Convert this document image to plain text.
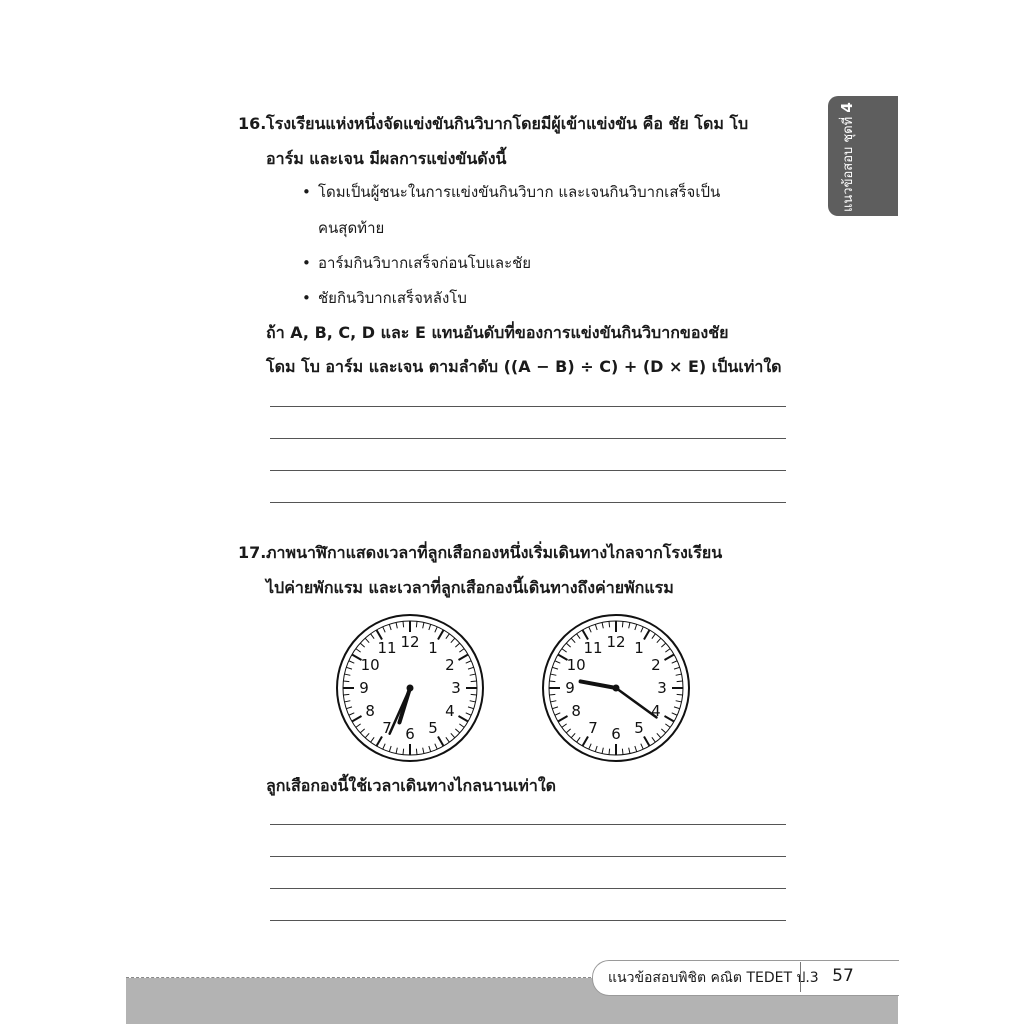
แนวข้อสอบ ชุดที่ 4
16. โรงเรียนแห่งหนึ่งจัดแข่งขันกินวิบากโดยมีผู้เข้าแข่งขัน คือ ชัย โดม โบ
อาร์ม และเจน มีผลการแข่งขันดังนี้
• โดมเป็นผู้ชนะในการแข่งขันกินวิบาก และเจนกินวิบากเสร็จเป็น
คนสุดท้าย
• อาร์มกินวิบากเสร็จก่อนโบและชัย
• ชัยกินวิบากเสร็จหลังโบ
ถ้า A, B, C, D และ E แทนอันดับที่ของการแข่งขันกินวิบากของชัย
โดม โบ อาร์ม และเจน ตามลำดับ ((A − B) ÷ C) + (D × E) เป็นเท่าใด
17. ภาพนาฬิกาแสดงเวลาที่ลูกเสือกองหนึ่งเริ่มเดินทางไกลจากโรงเรียน
ไปค่ายพักแรม และเวลาที่ลูกเสือกองนี้เดินทางถึงค่ายพักแรม
12 1
2
3
4
5
6
7
8
9
10
11	12 1
2
3
4
5
6
7
8
9
10
11
ลูกเสือกองนี้ใช้เวลาเดินทางไกลนานเท่าใด
แนวข้อสอบพิชิต คณิต TEDET ป.3 57
